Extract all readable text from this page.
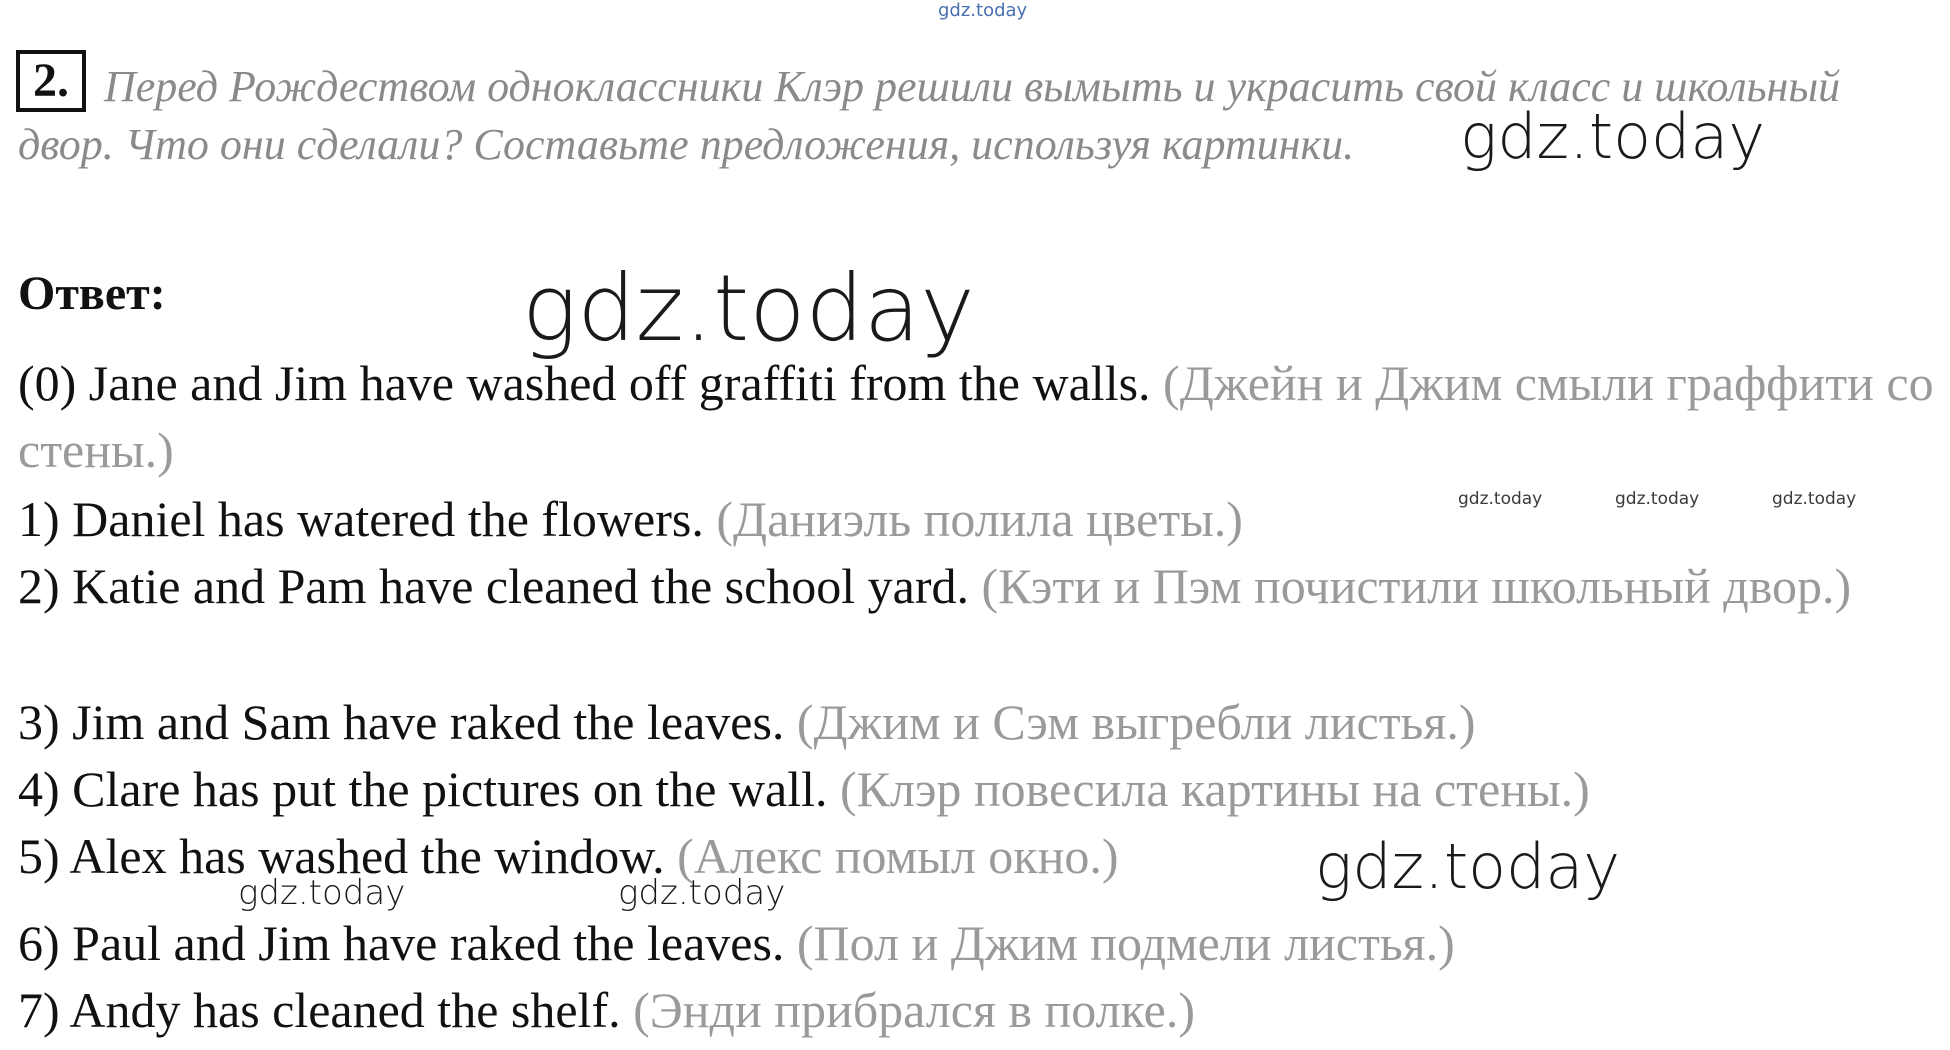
gdz.today
2. Перед Рождеством одноклассники Клэр решили вымыть и украсить свой класс и школьный двор. Что они сделали? Составьте предложения, используя картинки.
Ответ:
(0) Jane and Jim have washed off graffiti from the walls. (Джейн и Джим смыли граффити со стены.)
1) Daniel has watered the flowers. (Даниэль полила цветы.)
2) Katie and Pam have cleaned the school yard. (Кэти и Пэм почистили школьный двор.)
3) Jim and Sam have raked the leaves. (Джим и Сэм выгребли листья.)
4) Clare has put the pictures on the wall. (Клэр повесила картины на стены.)
5) Alex has washed the window. (Алекс помыл окно.)
6) Paul and Jim have raked the leaves. (Пол и Джим подмели листья.)
7) Andy has cleaned the shelf. (Энди прибрался в полке.)
gdz.today
gdz.today
gdz.today	gdz.today	gdz.today
gdz.today
gdz.today	gdz.today
